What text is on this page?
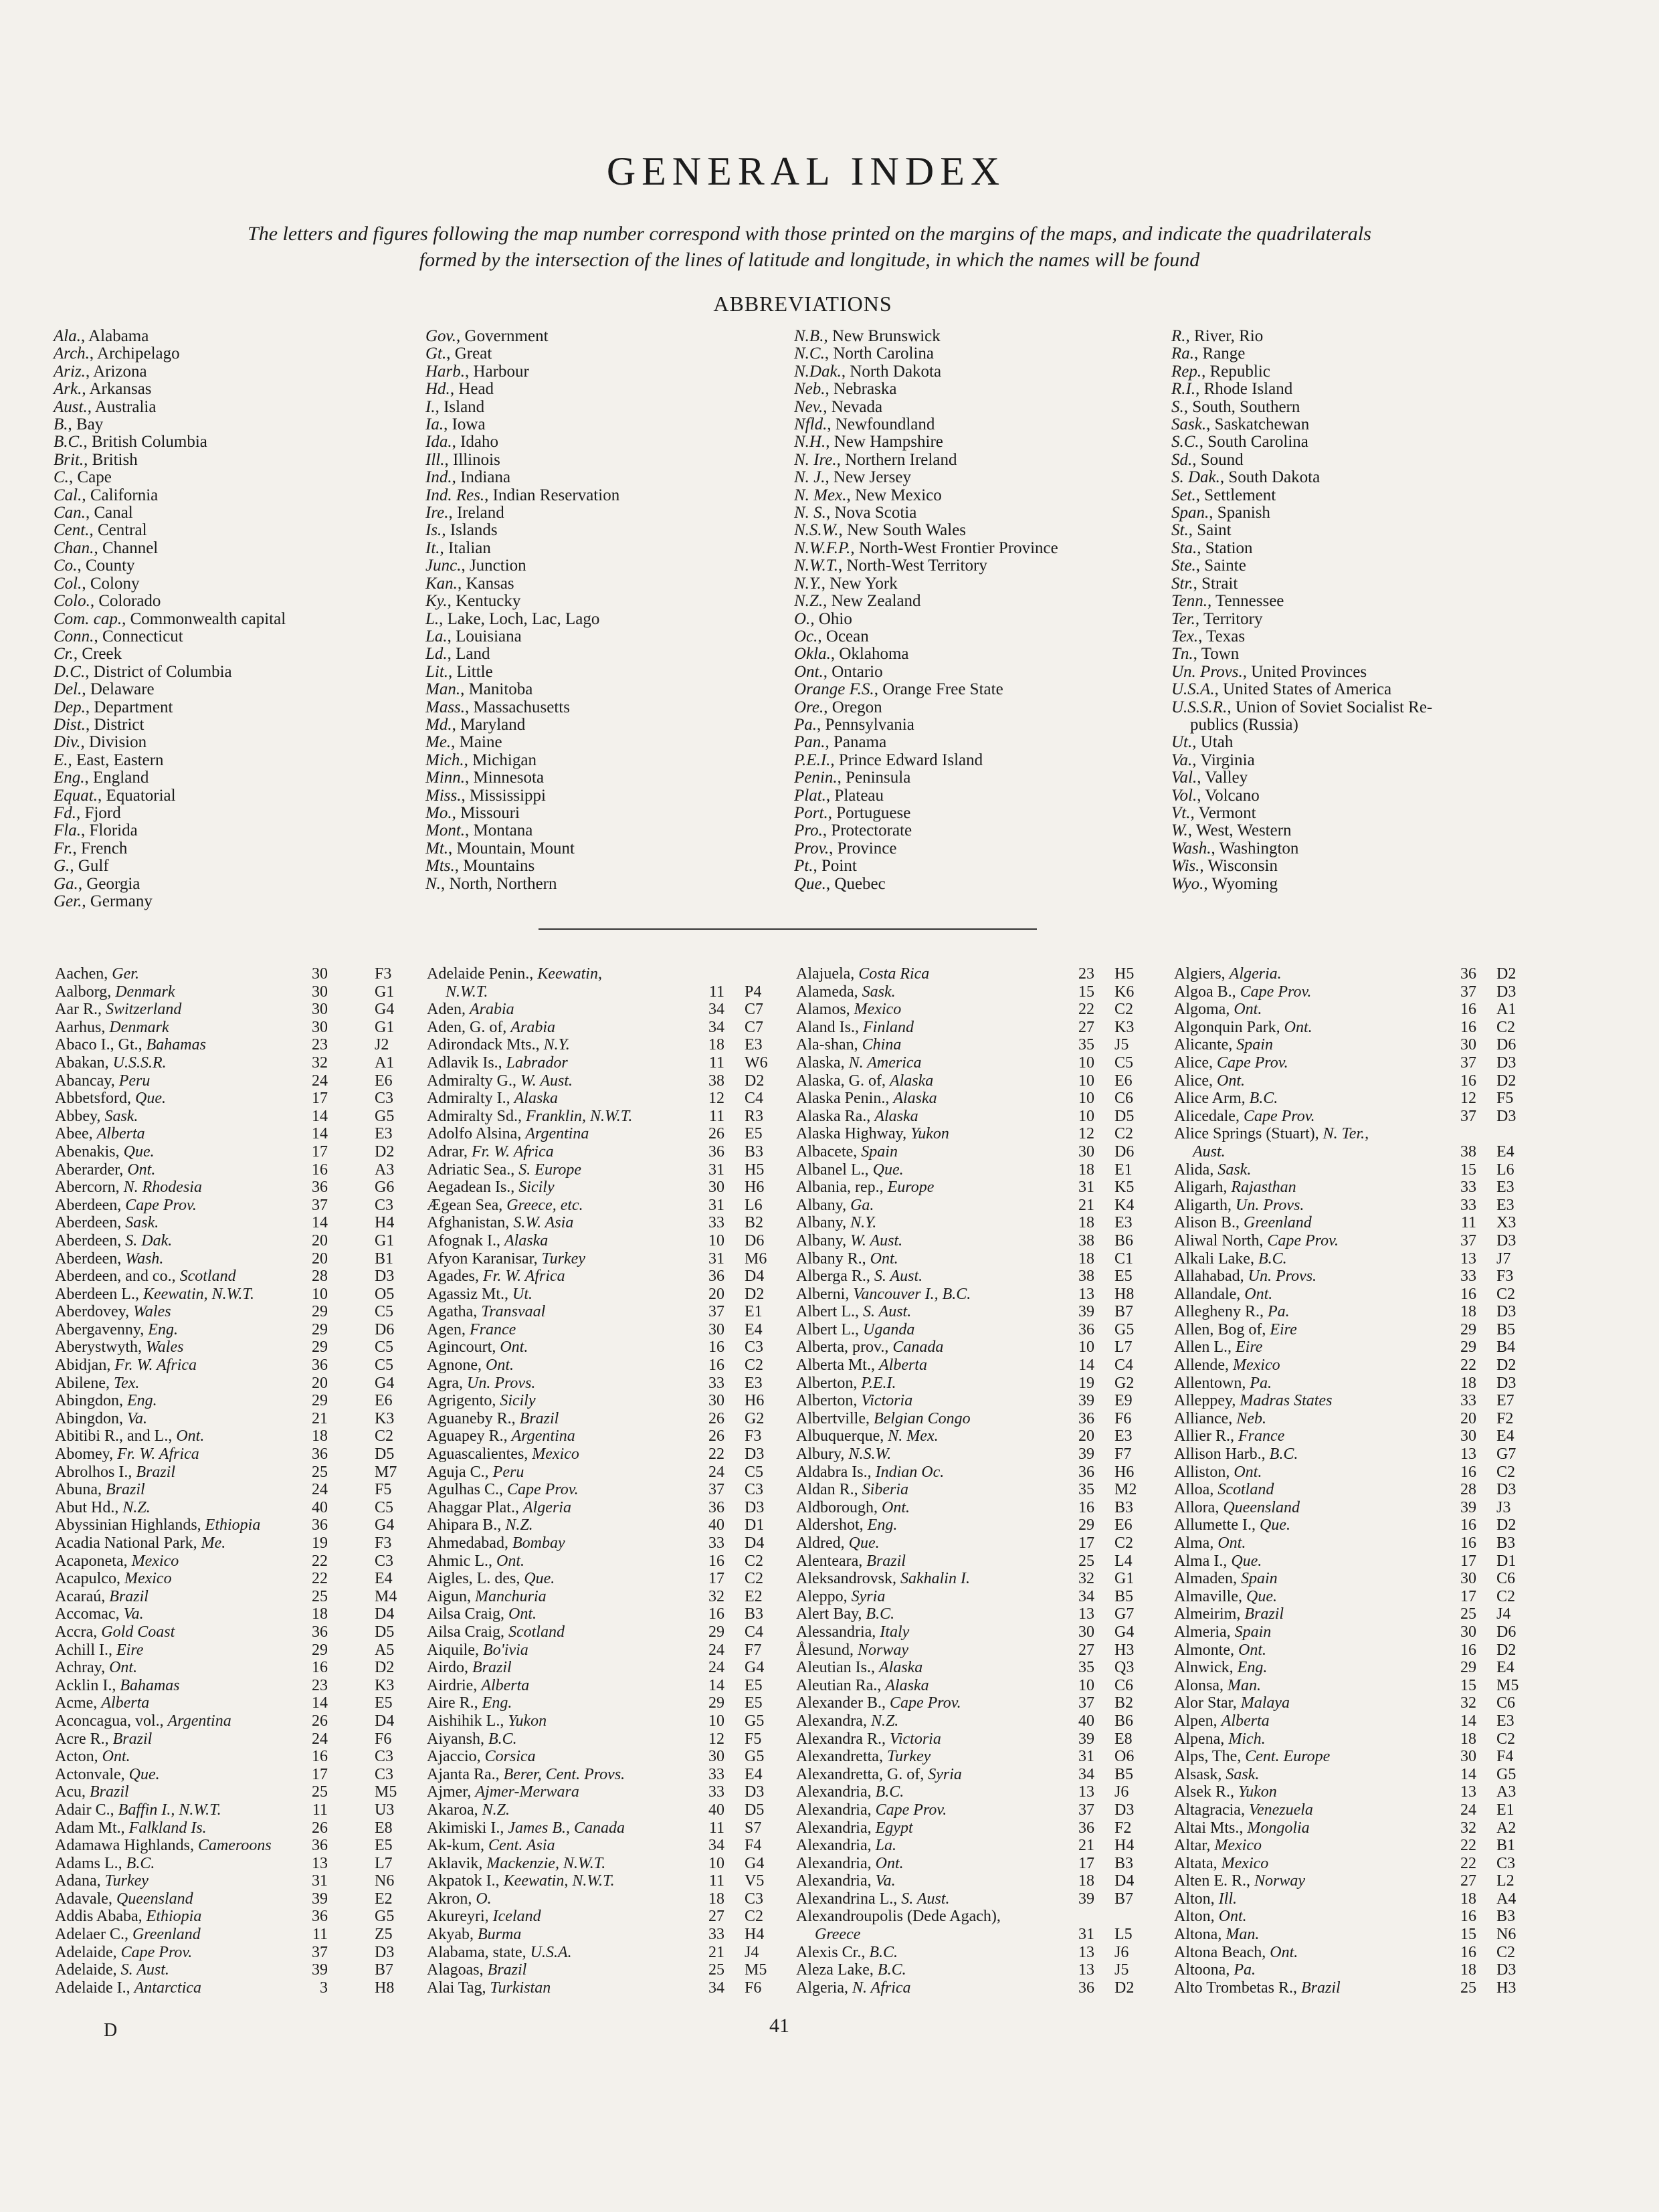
GENERAL INDEX
The letters and figures following the map number correspond with those printed on the margins of the maps, and indicate the quadrilaterals
formed by the intersection of the lines of latitude and longitude, in which the names will be found
ABBREVIATIONS
Ala., Alabama
Arch., Archipelago
Ariz., Arizona
Ark., Arkansas
Aust., Australia
B., Bay
B.C., British Columbia
Brit., British
C., Cape
Cal., California
Can., Canal
Cent., Central
Chan., Channel
Co., County
Col., Colony
Colo., Colorado
Com. cap., Commonwealth capital
Conn., Connecticut
Cr., Creek
D.C., District of Columbia
Del., Delaware
Dep., Department
Dist., District
Div., Division
E., East, Eastern
Eng., England
Equat., Equatorial
Fd., Fjord
Fla., Florida
Fr., French
G., Gulf
Ga., Georgia
Ger., Germany
Gov., Government
Gt., Great
Harb., Harbour
Hd., Head
I., Island
Ia., Iowa
Ida., Idaho
Ill., Illinois
Ind., Indiana
Ind. Res., Indian Reservation
Ire., Ireland
Is., Islands
It., Italian
Junc., Junction
Kan., Kansas
Ky., Kentucky
L., Lake, Loch, Lac, Lago
La., Louisiana
Ld., Land
Lit., Little
Man., Manitoba
Mass., Massachusetts
Md., Maryland
Me., Maine
Mich., Michigan
Minn., Minnesota
Miss., Mississippi
Mo., Missouri
Mont., Montana
Mt., Mountain, Mount
Mts., Mountains
N., North, Northern
N.B., New Brunswick
N.C., North Carolina
N.Dak., North Dakota
Neb., Nebraska
Nev., Nevada
Nfld., Newfoundland
N.H., New Hampshire
N. Ire., Northern Ireland
N. J., New Jersey
N. Mex., New Mexico
N. S., Nova Scotia
N.S.W., New South Wales
N.W.F.P., North-West Frontier Province
N.W.T., North-West Territory
N.Y., New York
N.Z., New Zealand
O., Ohio
Oc., Ocean
Okla., Oklahoma
Ont., Ontario
Orange F.S., Orange Free State
Ore., Oregon
Pa., Pennsylvania
Pan., Panama
P.E.I., Prince Edward Island
Penin., Peninsula
Plat., Plateau
Port., Portuguese
Pro., Protectorate
Prov., Province
Pt., Point
Que., Quebec
R., River, Rio
Ra., Range
Rep., Republic
R.I., Rhode Island
S., South, Southern
Sask., Saskatchewan
S.C., South Carolina
Sd., Sound
S. Dak., South Dakota
Set., Settlement
Span., Spanish
St., Saint
Sta., Station
Ste., Sainte
Str., Strait
Tenn., Tennessee
Ter., Territory
Tex., Texas
Tn., Town
Un. Provs., United Provinces
U.S.A., United States of America
U.S.S.R., Union of Soviet Socialist Re-
publics (Russia)
Ut., Utah
Va., Virginia
Val., Valley
Vol., Volcano
Vt., Vermont
W., West, Western
Wash., Washington
Wis., Wisconsin
Wyo., Wyoming
Aachen, Ger.	30	F3
Aalborg, Denmark	30	G1
Aar R., Switzerland	30	G4
Aarhus, Denmark	30	G1
Abaco I., Gt., Bahamas	23	J2
Abakan, U.S.S.R.	32	A1
Abancay, Peru	24	E6
Abbetsford, Que.	17	C3
Abbey, Sask.	14	G5
Abee, Alberta	14	E3
Abenakis, Que.	17	D2
Aberarder, Ont.	16	A3
Abercorn, N. Rhodesia	36	G6
Aberdeen, Cape Prov.	37	C3
Aberdeen, Sask.	14	H4
Aberdeen, S. Dak.	20	G1
Aberdeen, Wash.	20	B1
Aberdeen, and co., Scotland	28	D3
Aberdeen L., Keewatin, N.W.T.	10	O5
Aberdovey, Wales	29	C5
Abergavenny, Eng.	29	D6
Aberystwyth, Wales	29	C5
Abidjan, Fr. W. Africa	36	C5
Abilene, Tex.	20	G4
Abingdon, Eng.	29	E6
Abingdon, Va.	21	K3
Abitibi R., and L., Ont.	18	C2
Abomey, Fr. W. Africa	36	D5
Abrolhos I., Brazil	25	M7
Abuna, Brazil	24	F5
Abut Hd., N.Z.	40	C5
Abyssinian Highlands, Ethiopia	36	G4
Acadia National Park, Me.	19	F3
Acaponeta, Mexico	22	C3
Acapulco, Mexico	22	E4
Acaraú, Brazil	25	M4
Accomac, Va.	18	D4
Accra, Gold Coast	36	D5
Achill I., Eire	29	A5
Achray, Ont.	16	D2
Acklin I., Bahamas	23	K3
Acme, Alberta	14	E5
Aconcagua, vol., Argentina	26	D4
Acre R., Brazil	24	F6
Acton, Ont.	16	C3
Actonvale, Que.	17	C3
Acu, Brazil	25	M5
Adair C., Baffin I., N.W.T.	11	U3
Adam Mt., Falkland Is.	26	E8
Adamawa Highlands, Cameroons	36	E5
Adams L., B.C.	13	L7
Adana, Turkey	31	N6
Adavale, Queensland	39	E2
Addis Ababa, Ethiopia	36	G5
Adelaer C., Greenland	11	Z5
Adelaide, Cape Prov.	37	D3
Adelaide, S. Aust.	39	B7
Adelaide I., Antarctica	3	H8
Adelaide Penin., Keewatin,
N.W.T.	11 P4
Aden, Arabia	34 C7
Aden, G. of, Arabia	34 C7
Adirondack Mts., N.Y.	18 E3
Adlavik Is., Labrador	11 W6
Admiralty G., W. Aust.	38 D2
Admiralty I., Alaska	12 C4
Admiralty Sd., Franklin, N.W.T.	11 R3
Adolfo Alsina, Argentina	26 E5
Adrar, Fr. W. Africa	36 B3
Adriatic Sea., S. Europe	31 H5
Aegadean Is., Sicily	30 H6
Ægean Sea, Greece, etc.	31 L6
Afghanistan, S.W. Asia	33 B2
Afognak I., Alaska	10 D6
Afyon Karanisar, Turkey	31 M6
Agades, Fr. W. Africa	36 D4
Agassiz Mt., Ut.	20 D2
Agatha, Transvaal	37 E1
Agen, France	30 E4
Agincourt, Ont.	16 C3
Agnone, Ont.	16 C2
Agra, Un. Provs.	33 E3
Agrigento, Sicily	30 H6
Aguaneby R., Brazil	26 G2
Aguapey R., Argentina	26 F3
Aguascalientes, Mexico	22 D3
Aguja C., Peru	24 C5
Agulhas C., Cape Prov.	37 C3
Ahaggar Plat., Algeria	36 D3
Ahipara B., N.Z.	40 D1
Ahmedabad, Bombay	33 D4
Ahmic L., Ont.	16 C2
Aigles, L. des, Que.	17 C2
Aigun, Manchuria	32 E2
Ailsa Craig, Ont.	16 B3
Ailsa Craig, Scotland	29 C4
Aiquile, Bo'ivia	24 F7
Airdo, Brazil	24 G4
Airdrie, Alberta	14 E5
Aire R., Eng.	29 E5
Aishihik L., Yukon	10 G5
Aiyansh, B.C.	12 F5
Ajaccio, Corsica	30 G5
Ajanta Ra., Berer, Cent. Provs.	33 E4
Ajmer, Ajmer-Merwara	33 D3
Akaroa, N.Z.	40 D5
Akimiski I., James B., Canada	11 S7
Ak-kum, Cent. Asia	34 F4
Aklavik, Mackenzie, N.W.T.	10 G4
Akpatok I., Keewatin, N.W.T.	11 V5
Akron, O.	18 C3
Akureyri, Iceland	27 C2
Akyab, Burma	33 H4
Alabama, state, U.S.A.	21 J4
Alagoas, Brazil	25 M5
Alai Tag, Turkistan	34 F6
Alajuela, Costa Rica	23 H5
Alameda, Sask.	15 K6
Alamos, Mexico	22 C2
Aland Is., Finland	27 K3
Ala-shan, China	35 J5
Alaska, N. America	10 C5
Alaska, G. of, Alaska	10 E6
Alaska Penin., Alaska	10 C6
Alaska Ra., Alaska	10 D5
Alaska Highway, Yukon	12 C2
Albacete, Spain	30 D6
Albanel L., Que.	18 E1
Albania, rep., Europe	31 K5
Albany, Ga.	21 K4
Albany, N.Y.	18 E3
Albany, W. Aust.	38 B6
Albany R., Ont.	18 C1
Alberga R., S. Aust.	38 E5
Alberni, Vancouver I., B.C.	13 H8
Albert L., S. Aust.	39 B7
Albert L., Uganda	36 G5
Alberta, prov., Canada	10 L7
Alberta Mt., Alberta	14 C4
Alberton, P.E.I.	19 G2
Alberton, Victoria	39 E9
Albertville, Belgian Congo	36 F6
Albuquerque, N. Mex.	20 E3
Albury, N.S.W.	39 F7
Aldabra Is., Indian Oc.	36 H6
Aldan R., Siberia	35 M2
Aldborough, Ont.	16 B3
Aldershot, Eng.	29 E6
Aldred, Que.	17 C2
Alenteara, Brazil	25 L4
Aleksandrovsk, Sakhalin I.	32 G1
Aleppo, Syria	34 B5
Alert Bay, B.C.	13 G7
Alessandria, Italy	30 G4
Ålesund, Norway	27 H3
Aleutian Is., Alaska	35 Q3
Aleutian Ra., Alaska	10 C6
Alexander B., Cape Prov.	37 B2
Alexandra, N.Z.	40 B6
Alexandra R., Victoria	39 E8
Alexandretta, Turkey	31 O6
Alexandretta, G. of, Syria	34 B5
Alexandria, B.C.	13 J6
Alexandria, Cape Prov.	37 D3
Alexandria, Egypt	36 F2
Alexandria, La.	21 H4
Alexandria, Ont.	17 B3
Alexandria, Va.	18 D4
Alexandrina L., S. Aust.	39 B7
Alexandroupolis (Dede Agach),
Greece	31 L5
Alexis Cr., B.C.	13 J6
Aleza Lake, B.C.	13 J5
Algeria, N. Africa	36 D2
Algiers, Algeria.	36 D2
Algoa B., Cape Prov.	37 D3
Algoma, Ont.	16 A1
Algonquin Park, Ont.	16 C2
Alicante, Spain	30 D6
Alice, Cape Prov.	37 D3
Alice, Ont.	16 D2
Alice Arm, B.C.	12 F5
Alicedale, Cape Prov.	37 D3
Alice Springs (Stuart), N. Ter.,
Aust.	38 E4
Alida, Sask.	15 L6
Aligarh, Rajasthan	33 E3
Aligarth, Un. Provs.	33 E3
Alison B., Greenland	11 X3
Aliwal North, Cape Prov.	37 D3
Alkali Lake, B.C.	13 J7
Allahabad, Un. Provs.	33 F3
Allandale, Ont.	16 C2
Allegheny R., Pa.	18 D3
Allen, Bog of, Eire	29 B5
Allen L., Eire	29 B4
Allende, Mexico	22 D2
Allentown, Pa.	18 D3
Alleppey, Madras States	33 E7
Alliance, Neb.	20 F2
Allier R., France	30 E4
Allison Harb., B.C.	13 G7
Alliston, Ont.	16 C2
Alloa, Scotland	28 D3
Allora, Queensland	39 J3
Allumette I., Que.	16 D2
Alma, Ont.	16 B3
Alma I., Que.	17 D1
Almaden, Spain	30 C6
Almaville, Que.	17 C2
Almeirim, Brazil	25 J4
Almeria, Spain	30 D6
Almonte, Ont.	16 D2
Alnwick, Eng.	29 E4
Alonsa, Man.	15 M5
Alor Star, Malaya	32 C6
Alpen, Alberta	14 E3
Alpena, Mich.	18 C2
Alps, The, Cent. Europe	30 F4
Alsask, Sask.	14 G5
Alsek R., Yukon	13 A3
Altagracia, Venezuela	24 E1
Altai Mts., Mongolia	32 A2
Altar, Mexico	22 B1
Altata, Mexico	22 C3
Alten E. R., Norway	27 L2
Alton, Ill.	18 A4
Alton, Ont.	16 B3
Altona, Man.	15 N6
Altona Beach, Ont.	16 C2
Altoona, Pa.	18 D3
Alto Trombetas R., Brazil	25 H3
D	41
